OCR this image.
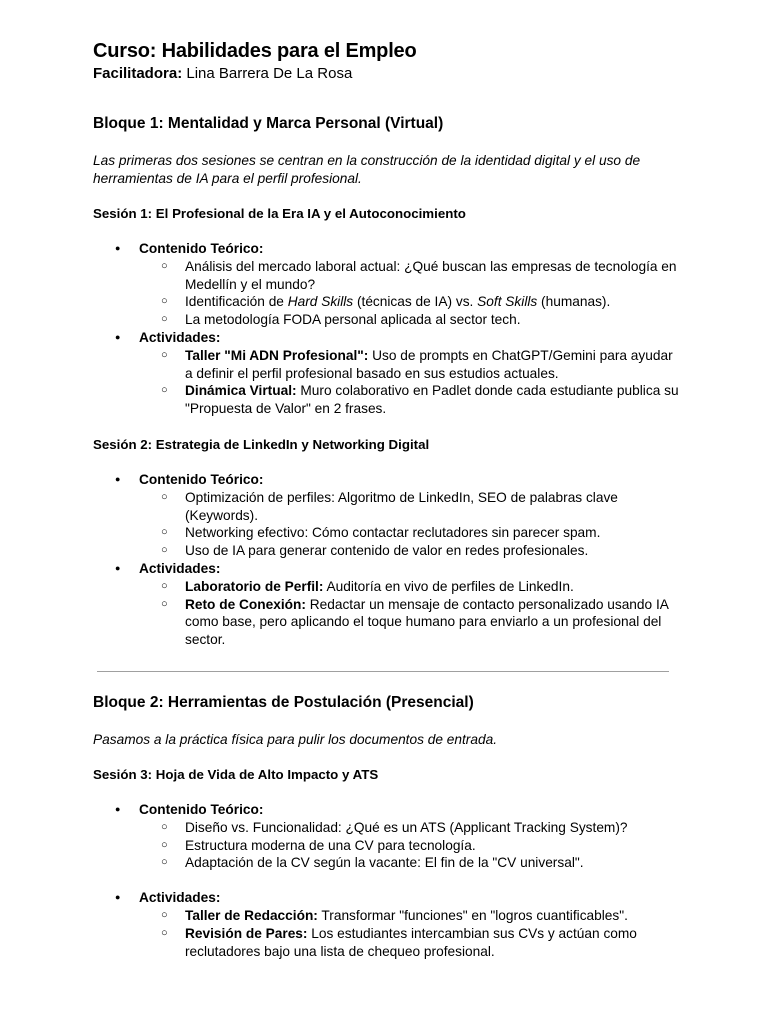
Curso: Habilidades para el Empleo

Facilitadora: Lina Barrera De La Rosa

Bloque 1: Mentalidad y Marca Personal (Virtual)

Las primeras dos sesiones se centran en la construcción de la identidad digital y el uso de herramientas de IA para el perfil profesional.

Sesión 1: El Profesional de la Era IA y el Autoconocimiento
● Contenido Teórico:
○ Análisis del mercado laboral actual: ¿Qué buscan las empresas de tecnología en Medellín y el mundo?
○ Identificación de Hard Skills (técnicas de IA) vs. Soft Skills (humanas).
○ La metodología FODA personal aplicada al sector tech.
● Actividades:
○ Taller "Mi ADN Profesional": Uso de prompts en ChatGPT/Gemini para ayudar a definir el perfil profesional basado en sus estudios actuales.
○ Dinámica Virtual: Muro colaborativo en Padlet donde cada estudiante publica su "Propuesta de Valor" en 2 frases.
Sesión 2: Estrategia de LinkedIn y Networking Digital
● Contenido Teórico:
○ Optimización de perfiles: Algoritmo de LinkedIn, SEO de palabras clave (Keywords).
○ Networking efectivo: Cómo contactar reclutadores sin parecer spam.
○ Uso de IA para generar contenido de valor en redes profesionales.
● Actividades:
○ Laboratorio de Perfil: Auditoría en vivo de perfiles de LinkedIn.
○ Reto de Conexión: Redactar un mensaje de contacto personalizado usando IA como base, pero aplicando el toque humano para enviarlo a un profesional del sector.
Bloque 2: Herramientas de Postulación (Presencial)

Pasamos a la práctica física para pulir los documentos de entrada.

Sesión 3: Hoja de Vida de Alto Impacto y ATS
● Contenido Teórico:
○ Diseño vs. Funcionalidad: ¿Qué es un ATS (Applicant Tracking System)?
○ Estructura moderna de una CV para tecnología.
○ Adaptación de la CV según la vacante: El fin de la "CV universal".
● Actividades:
○ Taller de Redacción: Transformar "funciones" en "logros cuantificables".
○ Revisión de Pares: Los estudiantes intercambian sus CVs y actúan como reclutadores bajo una lista de chequeo profesional.
